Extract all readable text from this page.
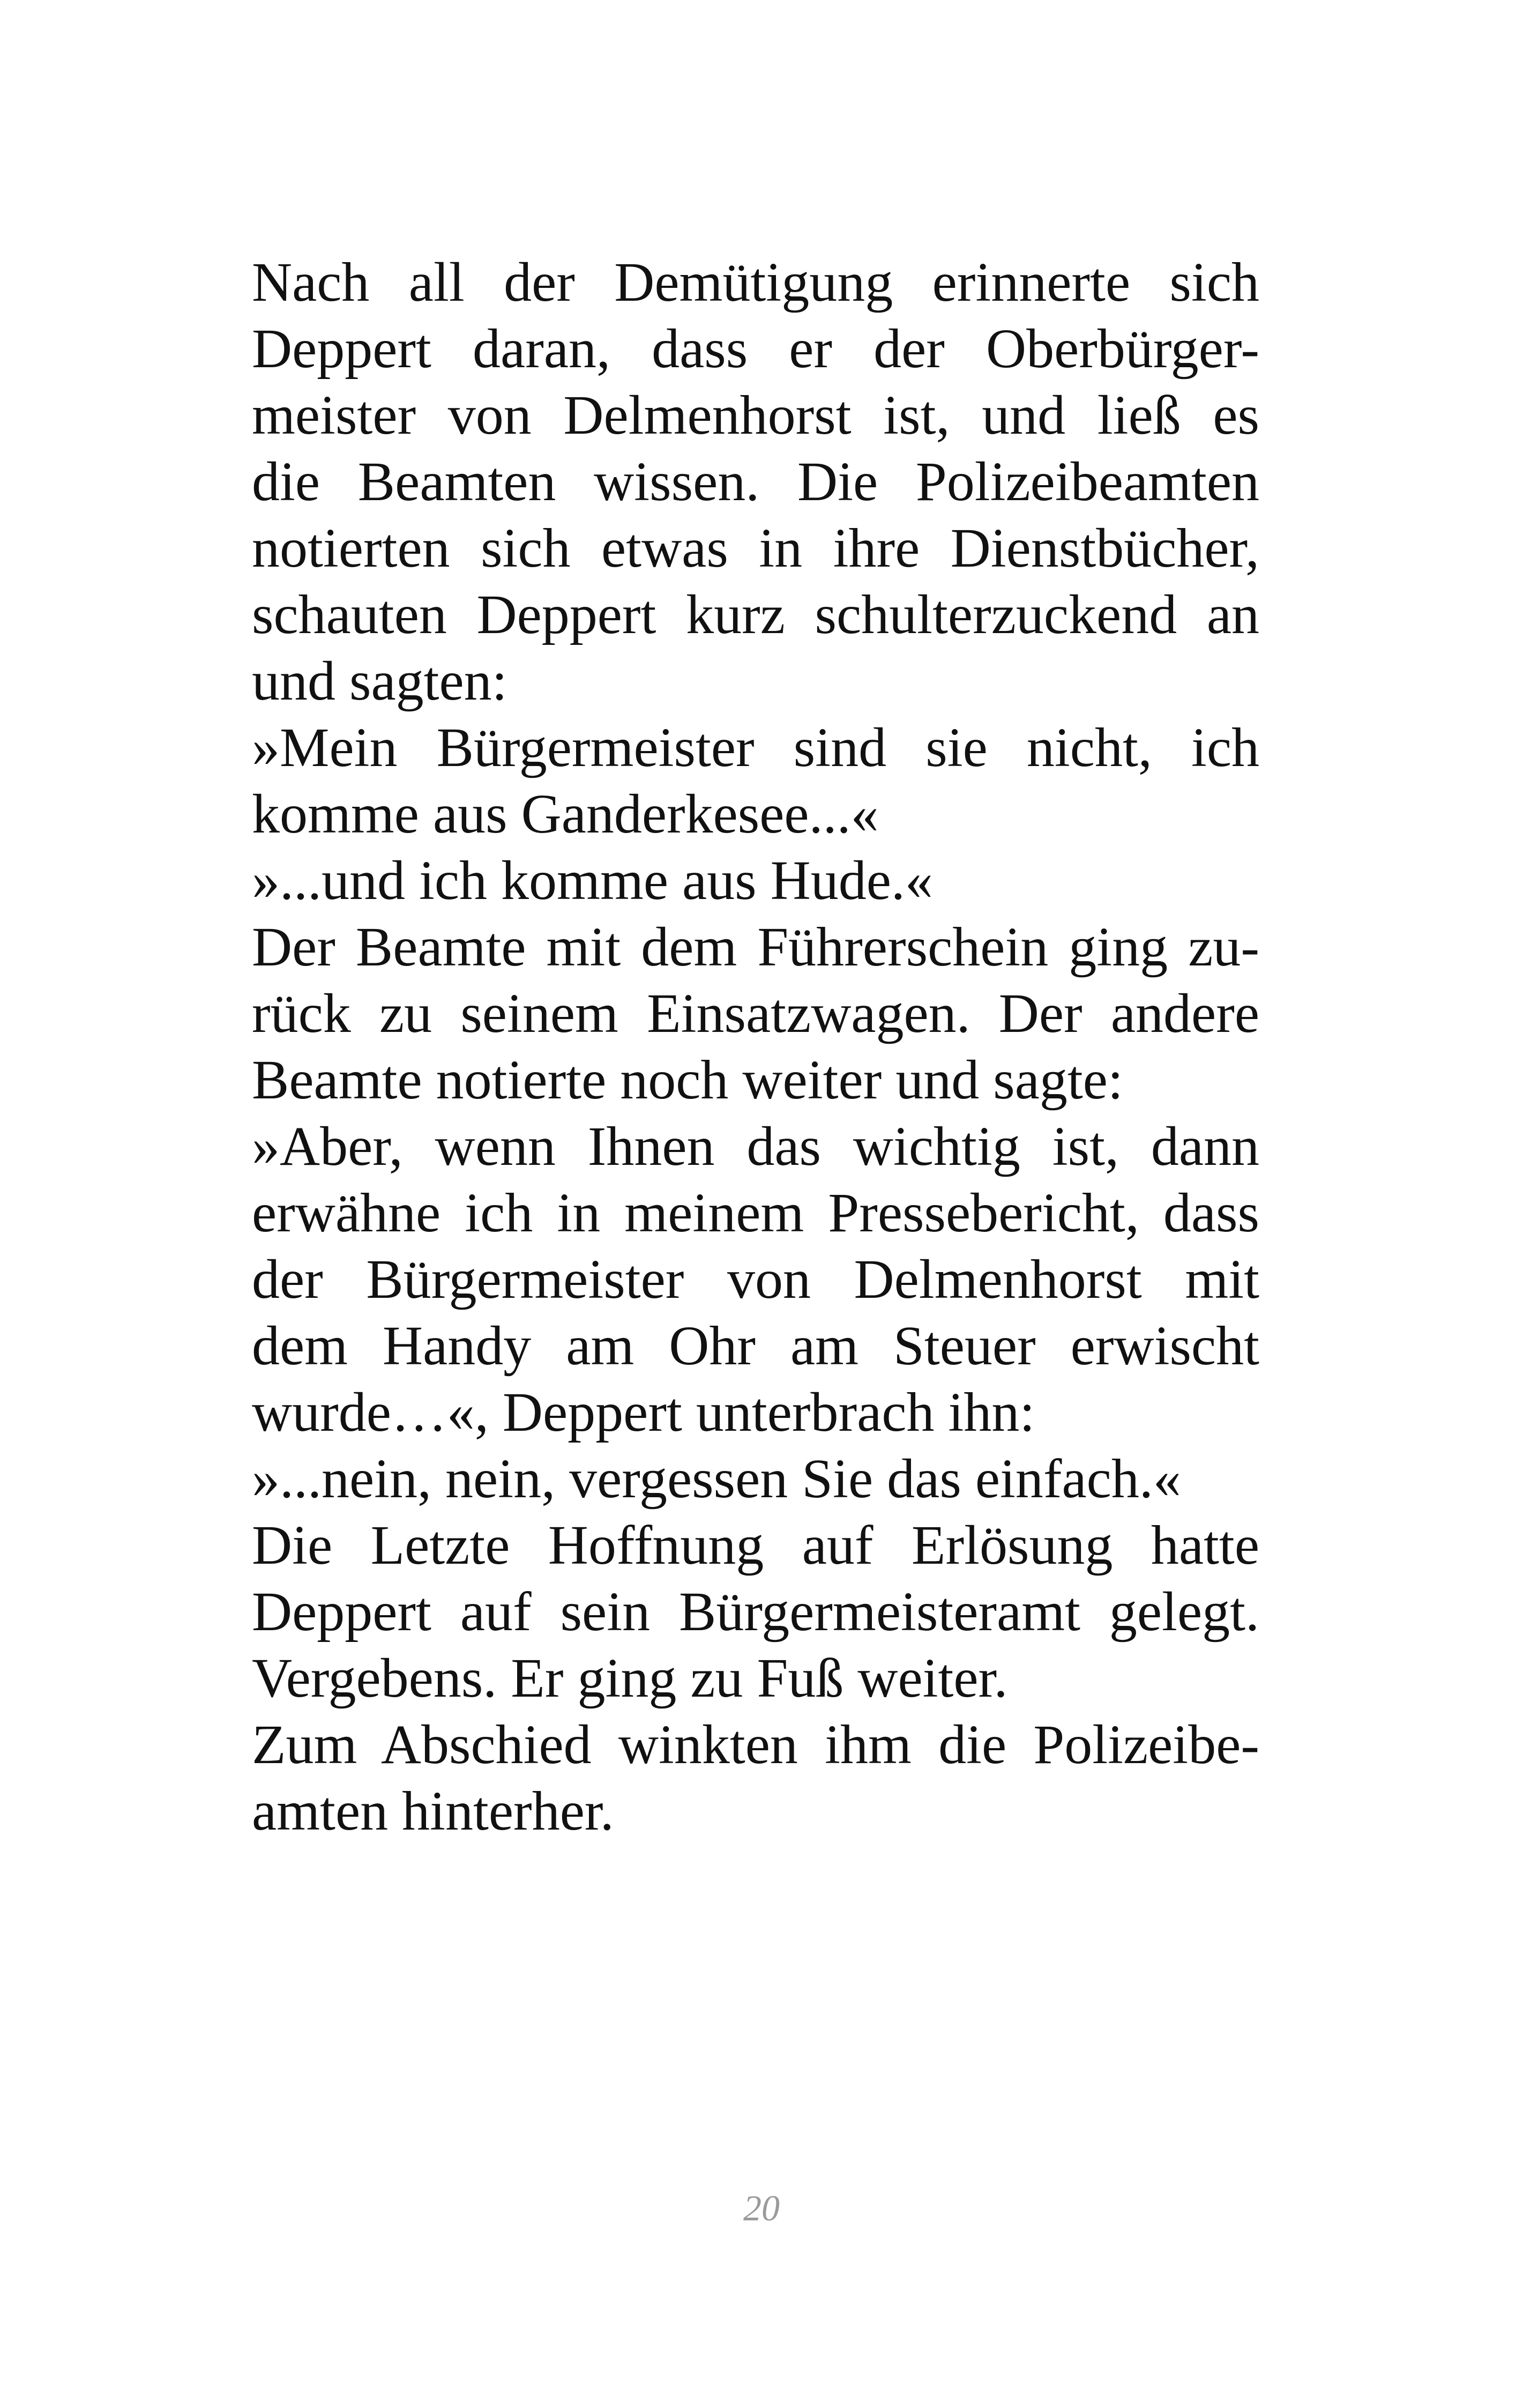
Nach all der Demütigung erinnerte sich
Deppert daran, dass er der Oberbürger-
meister von Delmenhorst ist, und ließ es
die Beamten wissen. Die Polizeibeamten
notierten sich etwas in ihre Dienstbücher,
schauten Deppert kurz schulterzuckend an
und sagten:
»Mein Bürgermeister sind sie nicht, ich
komme aus Ganderkesee...«
»...und ich komme aus Hude.«
Der Beamte mit dem Führerschein ging zu-
rück zu seinem Einsatzwagen. Der andere
Beamte notierte noch weiter und sagte:
»Aber, wenn Ihnen das wichtig ist, dann
erwähne ich in meinem Pressebericht, dass
der Bürgermeister von Delmenhorst mit
dem Handy am Ohr am Steuer erwischt
wurde…«, Deppert unterbrach ihn:
»...nein, nein, vergessen Sie das einfach.«
Die Letzte Hoffnung auf Erlösung hatte
Deppert auf sein Bürgermeisteramt gelegt.
Vergebens. Er ging zu Fuß weiter.
Zum Abschied winkten ihm die Polizeibe-
amten hinterher.
20
